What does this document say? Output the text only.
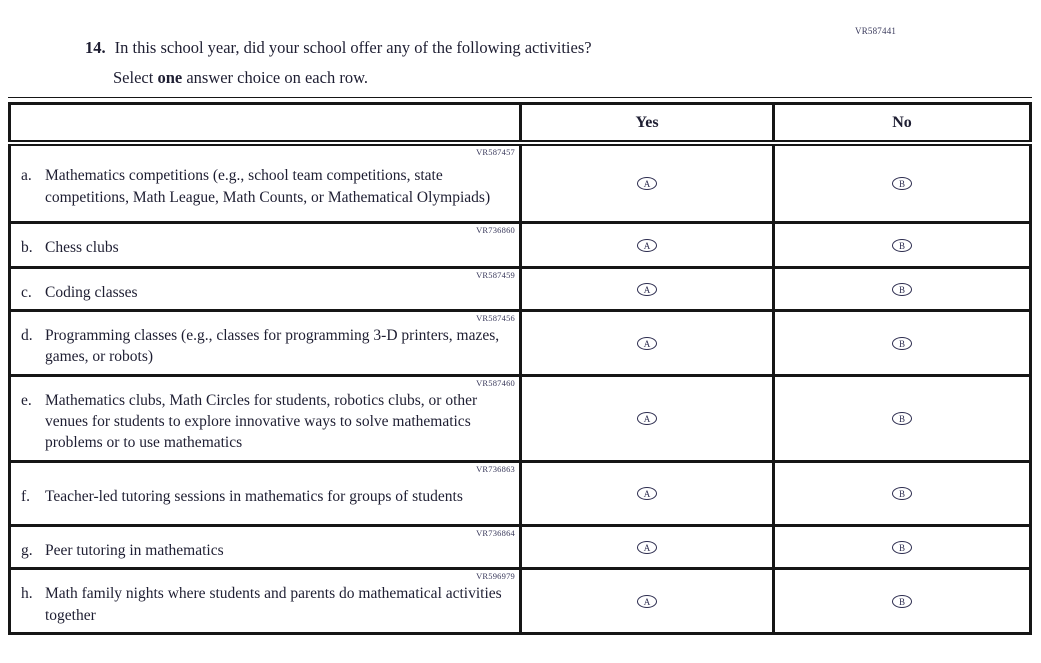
14. In this school year, did your school offer any of the following activities?
Select one answer choice on each row.
VR587441
	Yes	No

VR587457
a. Mathematics competitions (e.g., school team competitions, state competitions, Math League, Math Counts, or Mathematical Olympiads)	A	B

VR736860
b. Chess clubs	A	B

VR587459
c. Coding classes	A	B

VR587456
d. Programming classes (e.g., classes for programming 3-D printers, mazes, games, or robots)	A	B

VR587460
e. Mathematics clubs, Math Circles for students, robotics clubs, or other venues for students to explore innovative ways to solve mathematics problems or to use mathematics	A	B

VR736863
f. Teacher-led tutoring sessions in mathematics for groups of students	A	B

VR736864
g. Peer tutoring in mathematics	A	B

VR596979
h. Math family nights where students and parents do mathematical activities together	A	B
